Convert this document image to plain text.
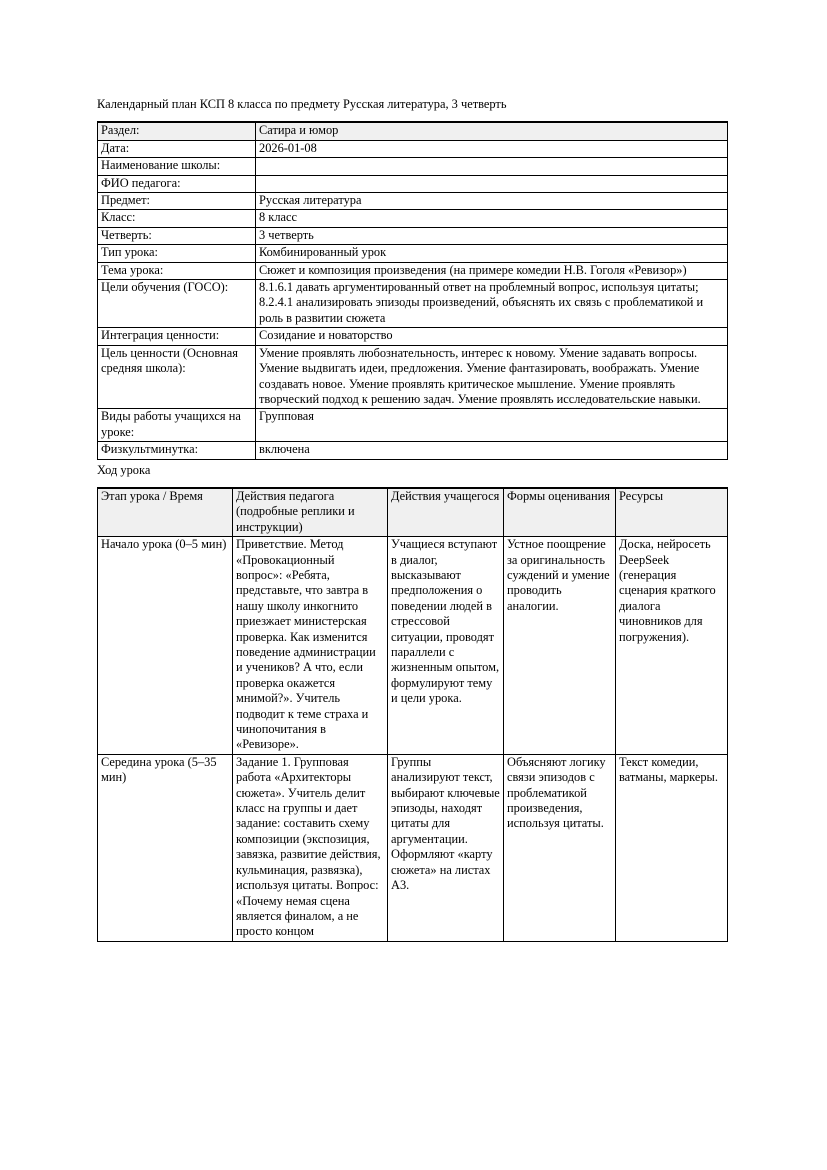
Календарный план КСП 8 класса по предмету Русская литература, 3 четверть

Раздел:	Сатира и юмор
Дата:	2026-01-08
Наименование школы:	
ФИО педагога:	
Предмет:	Русская литература
Класс:	8 класс
Четверть:	3 четверть
Тип урока:	Комбинированный урок
Тема урока:	Сюжет и композиция произведения (на примере комедии Н.В. Гоголя «Ревизор»)
Цели обучения (ГОСО):	8.1.6.1 давать аргументированный ответ на проблемный вопрос, используя цитаты; 8.2.4.1 анализировать эпизоды произведений, объяснять их связь с проблематикой и роль в развитии сюжета
Интеграция ценности:	Созидание и новаторство
Цель ценности (Основная средняя школа):	Умение проявлять любознательность, интерес к новому. Умение задавать вопросы. Умение выдвигать идеи, предложения. Умение фантазировать, воображать. Умение создавать новое. Умение проявлять критическое мышление. Умение проявлять творческий подход к решению задач. Умение проявлять исследовательские навыки.
Виды работы учащихся на уроке:	Групповая
Физкультминутка:	включена

Ход урока

Этап урока / Время	Действия педагога (подробные реплики и инструкции)	Действия учащегося	Формы оценивания	Ресурсы
Начало урока (0–5 мин)	Приветствие. Метод «Провокационный вопрос»: «Ребята, представьте, что завтра в нашу школу инкогнито приезжает министерская проверка. Как изменится поведение администрации и учеников? А что, если проверка окажется мнимой?». Учитель подводит к теме страха и чинопочитания в «Ревизоре».	Учащиеся вступают в диалог, высказывают предположения о поведении людей в стрессовой ситуации, проводят параллели с жизненным опытом, формулируют тему и цели урока.	Устное поощрение за оригинальность суждений и умение проводить аналогии.	Доска, нейросеть DeepSeek (генерация сценария краткого диалога чиновников для погружения).
Середина урока (5–35 мин)	Задание 1. Групповая работа «Архитекторы сюжета». Учитель делит класс на группы и дает задание: составить схему композиции (экспозиция, завязка, развитие действия, кульминация, развязка), используя цитаты. Вопрос: «Почему немая сцена является финалом, а не просто концом	Группы анализируют текст, выбирают ключевые эпизоды, находят цитаты для аргументации. Оформляют «карту сюжета» на листах А3.	Объясняют логику связи эпизодов с проблематикой произведения, используя цитаты.	Текст комедии, ватманы, маркеры.
